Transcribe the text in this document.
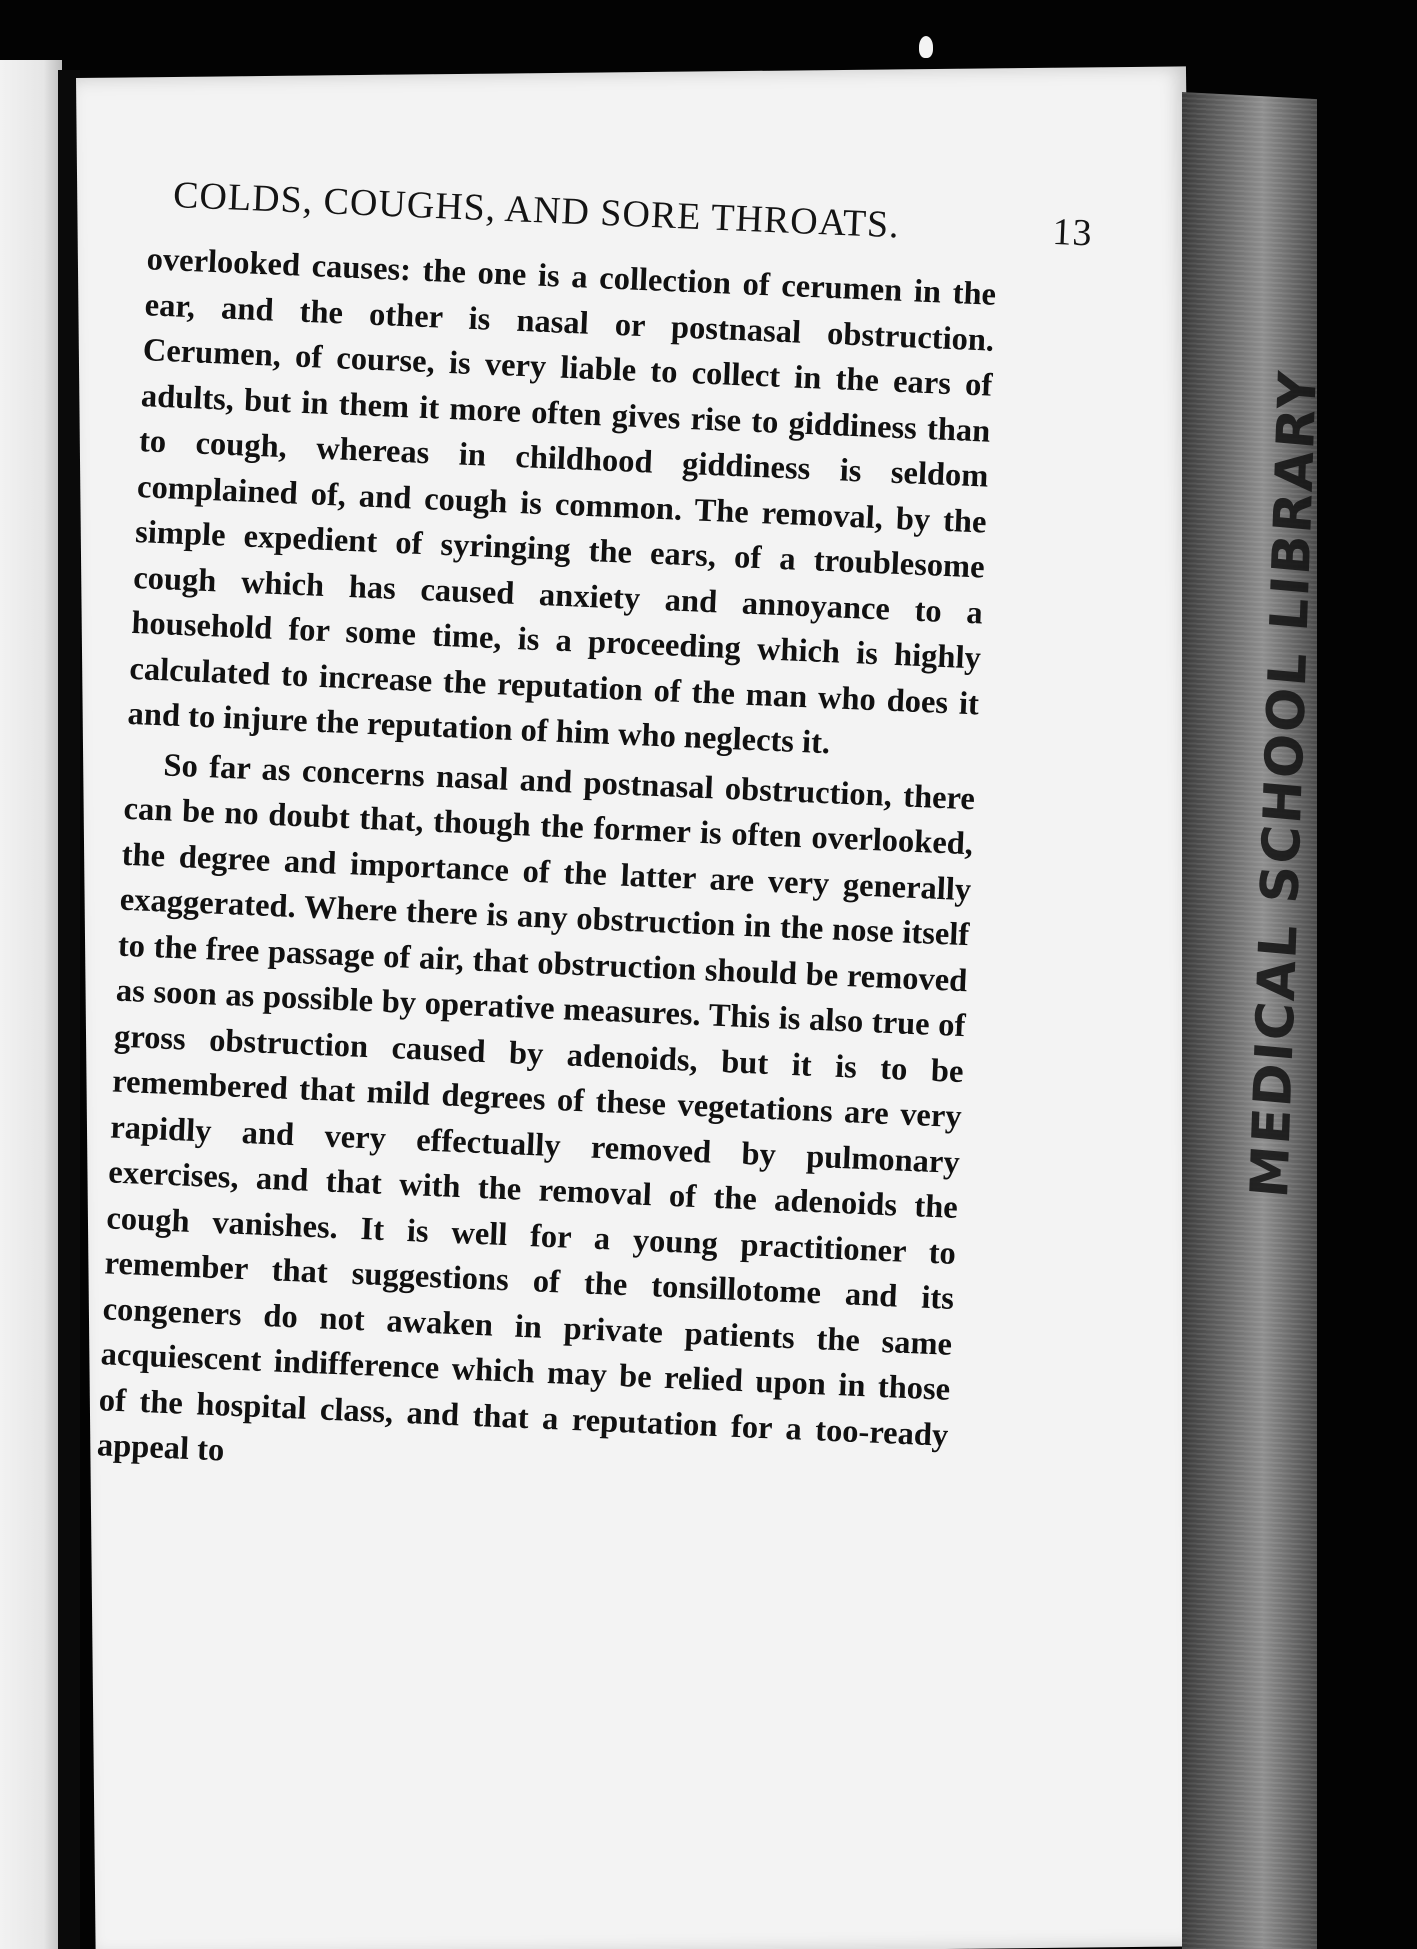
COLDS, COUGHS, AND SORE THROATS.	13

overlooked causes: the one is a collection of cerumen in the ear, and the other is nasal or postnasal obstruction. Cerumen, of course, is very liable to collect in the ears of adults, but in them it more often gives rise to giddiness than to cough, whereas in childhood giddiness is seldom complained of, and cough is common. The removal, by the simple expedient of syringing the ears, of a troublesome cough which has caused anxiety and annoyance to a household for some time, is a proceeding which is highly calculated to increase the reputation of the man who does it and to injure the reputation of him who neglects it.

So far as concerns nasal and postnasal obstruction, there can be no doubt that, though the former is often overlooked, the degree and importance of the latter are very generally exaggerated. Where there is any obstruction in the nose itself to the free passage of air, that obstruction should be removed as soon as possible by operative measures. This is also true of gross obstruction caused by adenoids, but it is to be remembered that mild degrees of these vegetations are very rapidly and very effectually removed by pulmonary exercises, and that with the removal of the adenoids the cough vanishes. It is well for a young practitioner to remember that suggestions of the tonsillotome and its congeners do not awaken in private patients the same acquiescent indifference which may be relied upon in those of the hospital class, and that a reputation for a too-ready appeal to

MEDICAL SCHOOL LIBRARY
